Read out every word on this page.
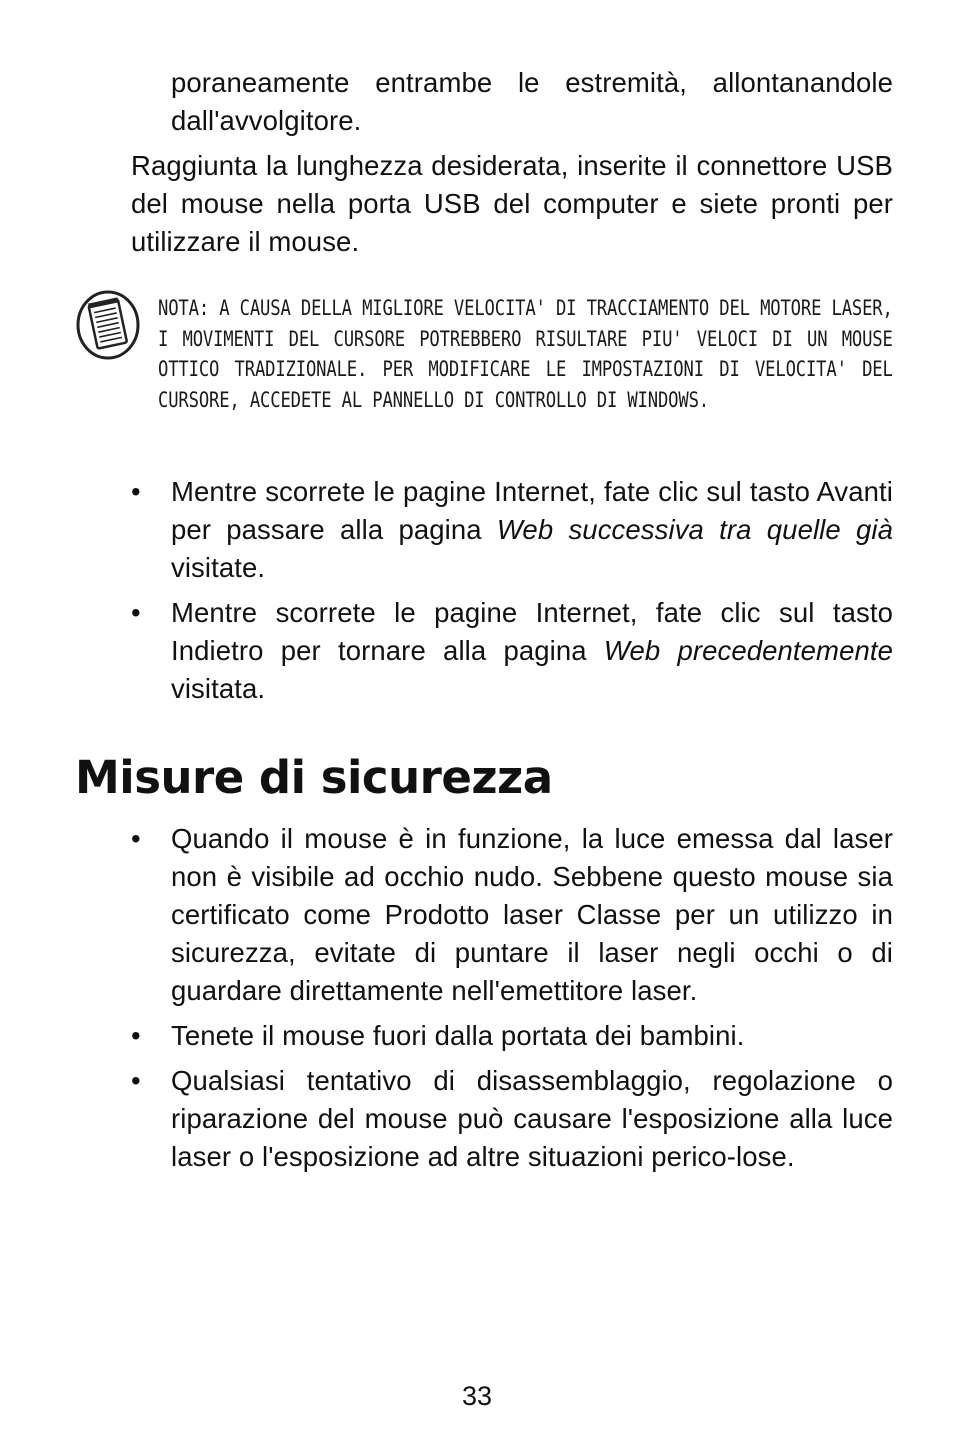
poraneamente entrambe le estremità, allontanandole dall'avvolgitore.

Raggiunta la lunghezza desiderata, inserite il connettore USB del mouse nella porta USB del computer e siete pronti per utilizzare il mouse.

NOTA: A CAUSA DELLA MIGLIORE VELOCITA' DI TRACCIAMENTO DEL MOTORE LASER, I MOVIMENTI DEL CURSORE POTREBBERO RISULTARE PIU' VELOCI DI UN MOUSE OTTICO TRADIZIONALE. PER MODIFICARE LE IMPOSTAZIONI DI VELOCITA' DEL CURSORE, ACCEDETE AL PANNELLO DI CONTROLLO DI WINDOWS.

• Mentre scorrete le pagine Internet, fate clic sul tasto Avanti per passare alla pagina Web successiva tra quelle già visitate.
• Mentre scorrete le pagine Internet, fate clic sul tasto Indietro per tornare alla pagina Web precedentemente visitata.
Misure di sicurezza
• Quando il mouse è in funzione, la luce emessa dal laser non è visibile ad occhio nudo. Sebbene questo mouse sia certificato come Prodotto laser Classe per un utilizzo in sicurezza, evitate di puntare il laser negli occhi o di guardare direttamente nell'emettitore laser.
• Tenete il mouse fuori dalla portata dei bambini.
• Qualsiasi tentativo di disassemblaggio, regolazione o riparazione del mouse può causare l'esposizione alla luce laser o l'esposizione ad altre situazioni perico-lose.

33
